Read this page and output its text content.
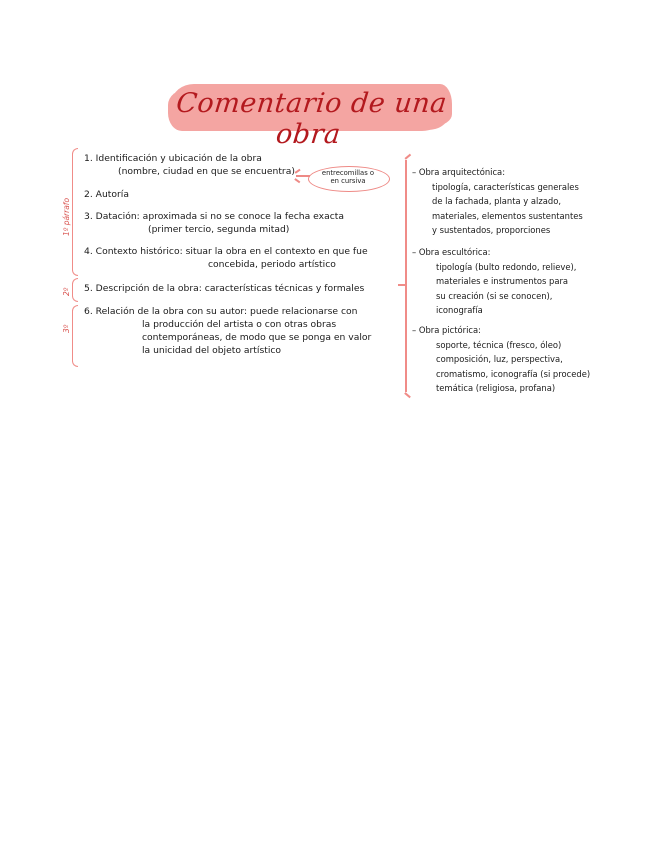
Comentario de una obra
1º párrafo
2º
3º
1. Identificación y ubicación de la obra
(nombre, ciudad en que se encuentra)
2. Autoría
3. Datación: aproximada si no se conoce la fecha exacta
(primer tercio, segunda mitad)
4. Contexto histórico: situar la obra en el contexto en que fue
concebida, periodo artístico
5. Descripción de la obra: características técnicas y formales
6. Relación de la obra con su autor: puede relacionarse con
la producción del artista o con otras obras
contemporáneas, de modo que se ponga en valor
la unicidad del objeto artístico
entrecomillas o
en cursiva
– Obra arquitectónica:
tipología, características generales
de la fachada, planta y alzado,
materiales, elementos sustentantes
y sustentados, proporciones
– Obra escultórica:
tipología (bulto redondo, relieve),
materiales e instrumentos para
su creación (si se conocen),
iconografía
– Obra pictórica:
soporte, técnica (fresco, óleo)
composición, luz, perspectiva,
cromatismo, iconografía (si procede)
temática (religiosa, profana)
